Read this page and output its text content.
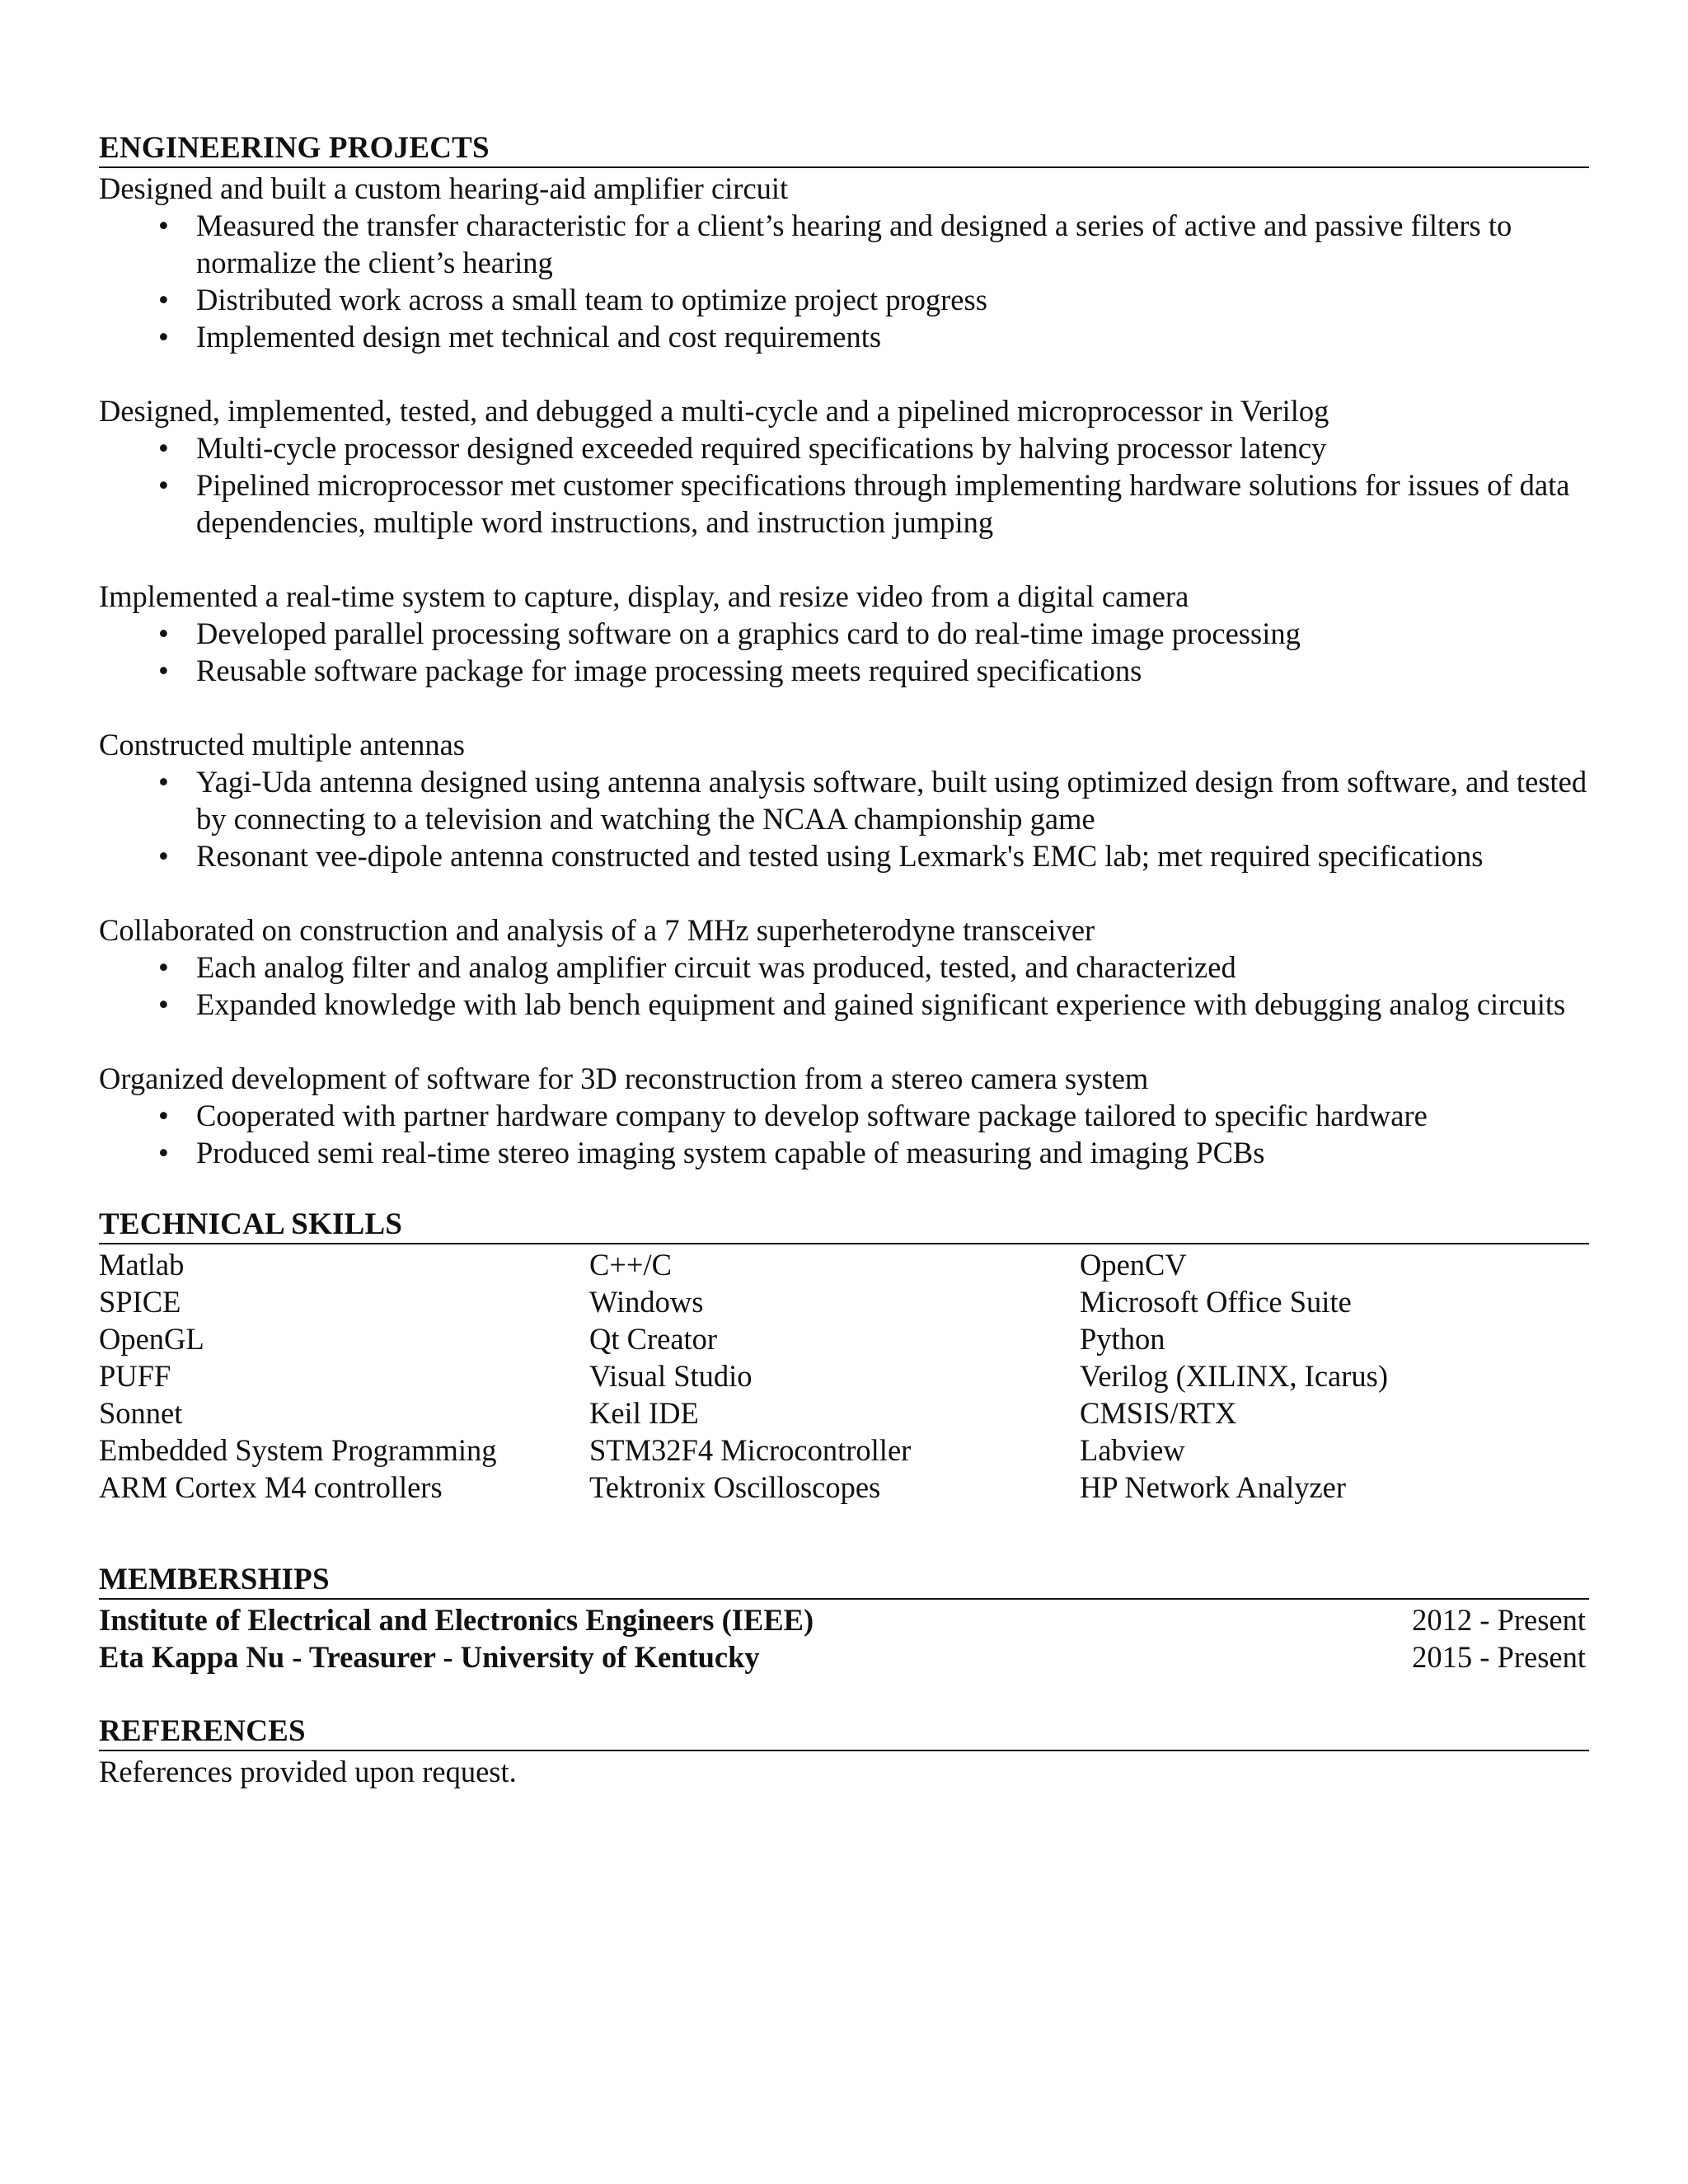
ENGINEERING PROJECTS
Designed and built a custom hearing-aid amplifier circuit
• Measured the transfer characteristic for a client’s hearing and designed a series of active and passive filters to normalize the client’s hearing
• Distributed work across a small team to optimize project progress
• Implemented design met technical and cost requirements
Designed, implemented, tested, and debugged a multi-cycle and a pipelined microprocessor in Verilog
• Multi-cycle processor designed exceeded required specifications by halving processor latency
• Pipelined microprocessor met customer specifications through implementing hardware solutions for issues of data dependencies, multiple word instructions, and instruction jumping
Implemented a real-time system to capture, display, and resize video from a digital camera
• Developed parallel processing software on a graphics card to do real-time image processing
• Reusable software package for image processing meets required specifications
Constructed multiple antennas
• Yagi-Uda antenna designed using antenna analysis software, built using optimized design from software, and tested by connecting to a television and watching the NCAA championship game
• Resonant vee-dipole antenna constructed and tested using Lexmark's EMC lab; met required specifications
Collaborated on construction and analysis of a 7 MHz superheterodyne transceiver
• Each analog filter and analog amplifier circuit was produced, tested, and characterized
• Expanded knowledge with lab bench equipment and gained significant experience with debugging analog circuits
Organized development of software for 3D reconstruction from a stereo camera system
• Cooperated with partner hardware company to develop software package tailored to specific hardware
• Produced semi real-time stereo imaging system capable of measuring and imaging PCBs
TECHNICAL SKILLS
Matlab	C++/C	OpenCV
SPICE	Windows	Microsoft Office Suite
OpenGL	Qt Creator	Python
PUFF	Visual Studio	Verilog (XILINX, Icarus)
Sonnet	Keil IDE	CMSIS/RTX
Embedded System Programming	STM32F4 Microcontroller	Labview
ARM Cortex M4 controllers	Tektronix Oscilloscopes	HP Network Analyzer
MEMBERSHIPS
Institute of Electrical and Electronics Engineers (IEEE)	2012 - Present
Eta Kappa Nu - Treasurer - University of Kentucky	2015 - Present
REFERENCES
References provided upon request.
